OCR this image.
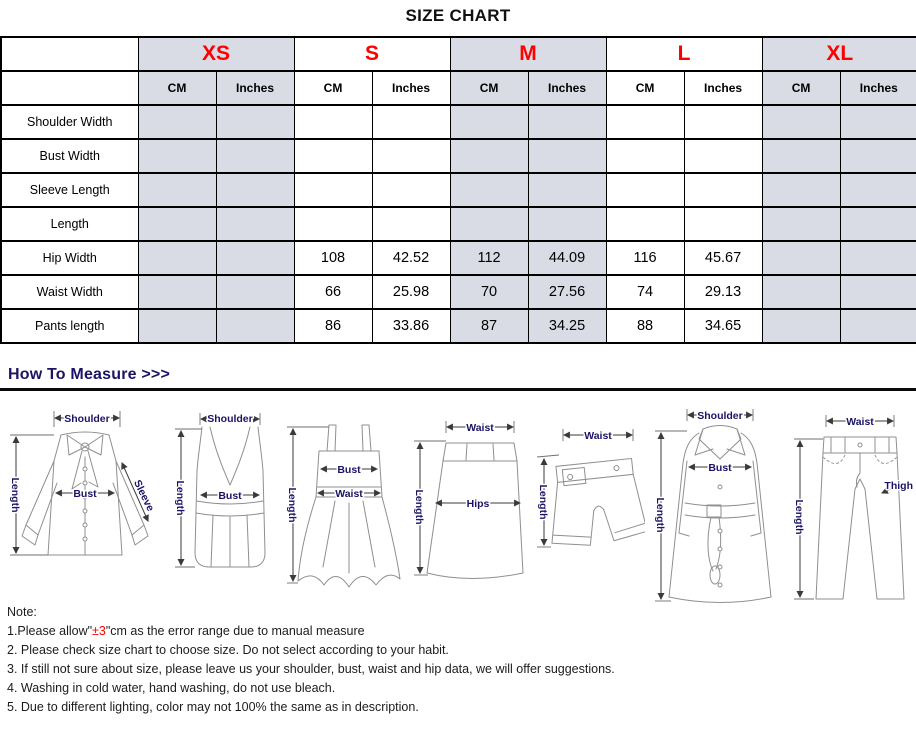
SIZE CHART
	XS		S		M		L		XL	
	CM	Inches	CM	Inches	CM	Inches	CM	Inches	CM	Inches
Shoulder Width										
Bust Width										
Sleeve Length										
Length										
Hip Width			108	42.52	112	44.09	116	45.67		
Waist Width			66	25.98	70	27.56	74	29.13		
Pants length			86	33.86	87	34.25	88	34.65		
How To Measure >>>
Shoulder
Length	Bust	Sleeve
Shoulder
Length	Bust
Bust
Waist
Length
Waist
Hips
Length
Waist
Length
Shoulder
Bust
Length
Waist
Thigh
Length
Note:
1.Please allow"±3"cm as the error range due to manual measure
2. Please check size chart to choose size. Do not select according to your habit.
3. If still not sure about size, please leave us your shoulder, bust, waist and hip data, we will offer suggestions.
4. Washing in cold water, hand washing, do not use bleach.
5. Due to different lighting, color may not 100% the same as in description.
